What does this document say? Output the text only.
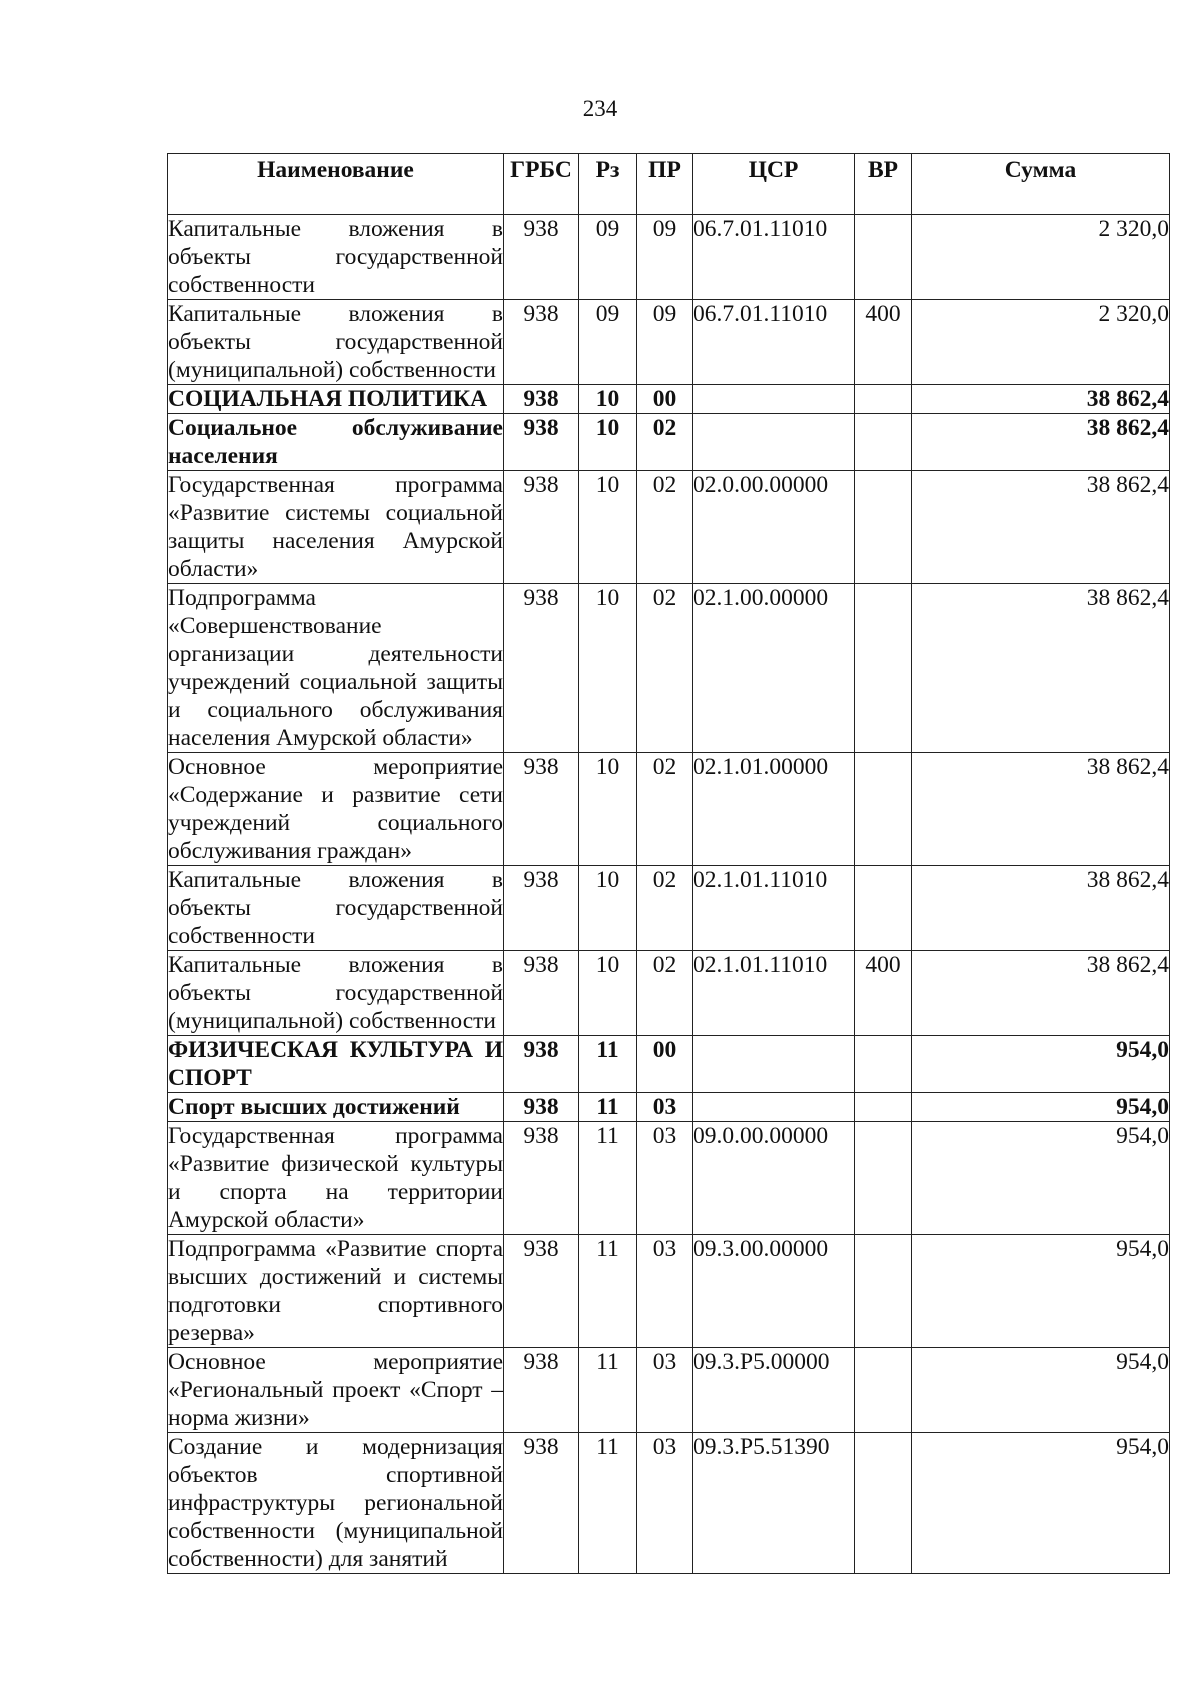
234
Наименование	ГРБС	Рз	ПР	ЦСР	ВР	Сумма
Капитальные вложения в объекты государственной собственности	938	09	09	06.7.01.11010		2 320,0
Капитальные вложения в объекты государственной (муниципальной) собственности	938	09	09	06.7.01.11010	400	2 320,0
СОЦИАЛЬНАЯ ПОЛИТИКА	938	10	00			38 862,4
Социальное обслуживание населения	938	10	02			38 862,4
Государственная программа «Развитие системы социальной защиты населения Амурской области»	938	10	02	02.0.00.00000		38 862,4
Подпрограмма «Совершенствование организации деятельности учреждений социальной защиты и социального обслуживания населения Амурской области»	938	10	02	02.1.00.00000		38 862,4
Основное мероприятие «Содержание и развитие сети учреждений социального обслуживания граждан»	938	10	02	02.1.01.00000		38 862,4
Капитальные вложения в объекты государственной собственности	938	10	02	02.1.01.11010		38 862,4
Капитальные вложения в объекты государственной (муниципальной) собственности	938	10	02	02.1.01.11010	400	38 862,4
ФИЗИЧЕСКАЯ КУЛЬТУРА И СПОРТ	938	11	00			954,0
Спорт высших достижений	938	11	03			954,0
Государственная программа «Развитие физической культуры и спорта на территории Амурской области»	938	11	03	09.0.00.00000		954,0
Подпрограмма «Развитие спорта высших достижений и системы подготовки спортивного резерва»	938	11	03	09.3.00.00000		954,0
Основное мероприятие «Региональный проект «Спорт – норма жизни»	938	11	03	09.3.Р5.00000		954,0
Создание и модернизация объектов спортивной инфраструктуры региональной собственности (муниципальной собственности) для занятий	938	11	03	09.3.Р5.51390		954,0
